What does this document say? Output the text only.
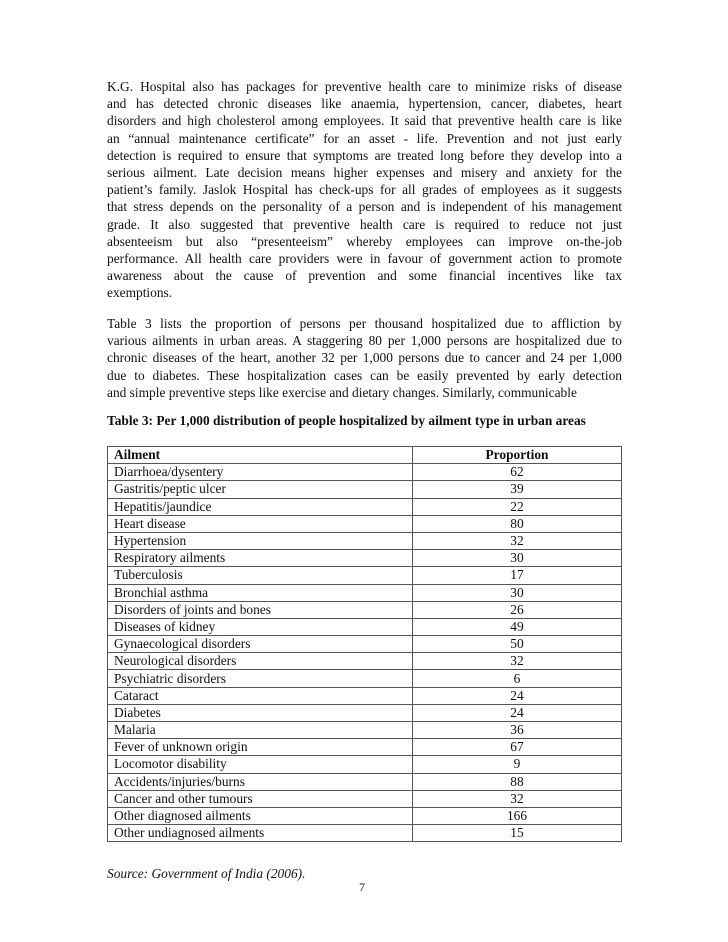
K.G. Hospital also has packages for preventive health care to minimize risks of disease
and has detected chronic diseases like anaemia, hypertension, cancer, diabetes, heart
disorders and high cholesterol among employees. It said that preventive health care is like
an “annual maintenance certificate” for an asset - life. Prevention and not just early
detection is required to ensure that symptoms are treated long before they develop into a
serious ailment. Late decision means higher expenses and misery and anxiety for the
patient’s family. Jaslok Hospital has check-ups for all grades of employees as it suggests
that stress depends on the personality of a person and is independent of his management
grade. It also suggested that preventive health care is required to reduce not just
absenteeism but also “presenteeism” whereby employees can improve on-the-job
performance. All health care providers were in favour of government action to promote
awareness about the cause of prevention and some financial incentives like tax
exemptions.
Table 3 lists the proportion of persons per thousand hospitalized due to affliction by
various ailments in urban areas. A staggering 80 per 1,000 persons are hospitalized due to
chronic diseases of the heart, another 32 per 1,000 persons due to cancer and 24 per 1,000
due to diabetes. These hospitalization cases can be easily prevented by early detection
and simple preventive steps like exercise and dietary changes. Similarly, communicable
Table 3: Per 1,000 distribution of people hospitalized by ailment type in urban areas
Ailment	Proportion
Diarrhoea/dysentery	62
Gastritis/peptic ulcer	39
Hepatitis/jaundice	22
Heart disease	80
Hypertension	32
Respiratory ailments	30
Tuberculosis	17
Bronchial asthma	30
Disorders of joints and bones	26
Diseases of kidney	49
Gynaecological disorders	50
Neurological disorders	32
Psychiatric disorders	6
Cataract	24
Diabetes	24
Malaria	36
Fever of unknown origin	67
Locomotor disability	9
Accidents/injuries/burns	88
Cancer and other tumours	32
Other diagnosed ailments	166
Other undiagnosed ailments	15
Source: Government of India (2006).
7
